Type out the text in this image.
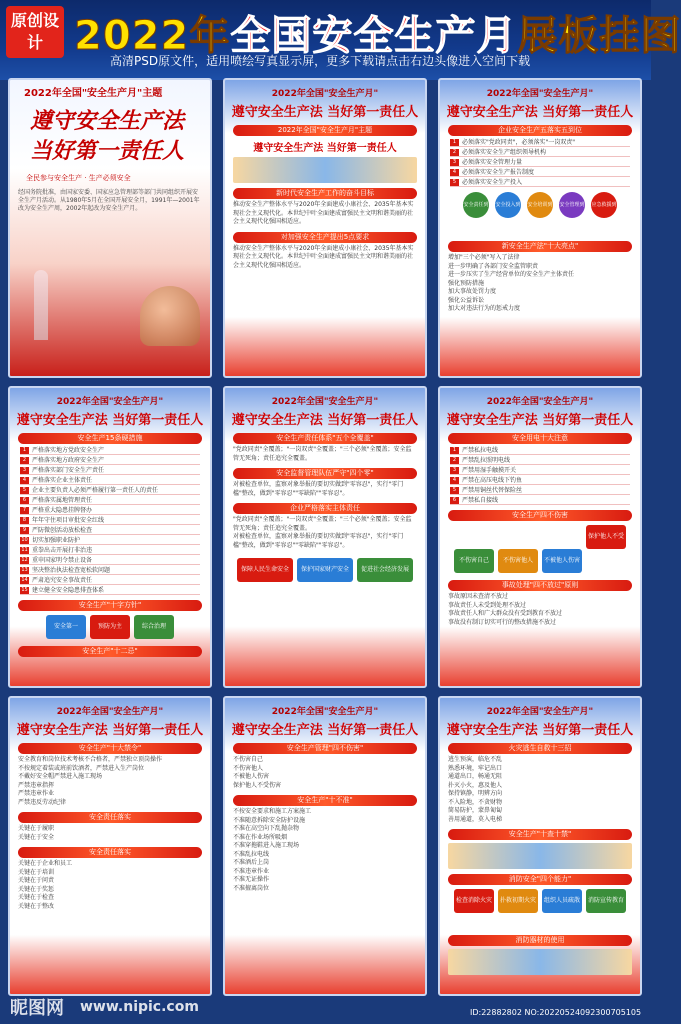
原创设计 2022年全国安全生产月展板挂图
高清PSD原文件，适用喷绘写真显示屏，更多下载请点击右边头像进入空间下载
2022年全国"安全生产月"主题
遵守安全生产法
当好第一责任人
全民参与安全生产 · 生产必须安全
经国务院批准，由国家安委、国家应急管理部等部门共同组织开展安全生产月活动。从1980年5月在全国开展安全月，1991年—2001年改为安全生产周，2002年起改为安全生产月。
2022年全国"安全生产月"
遵守安全生产法 当好第一责任人
2022年全国"安全生产月"主题
遵守安全生产法 当好第一责任人
新时代安全生产工作的奋斗目标
推动安全生产整体水平与2020年全面建成小康社会、2035年基本实现社会主义现代化。本世纪中叶全面建成富强民主文明和谐美丽的社会主义现代化强国相适应。
对加强安全生产提出5点要求
推动安全生产整体水平与2020年全面建成小康社会、2035年基本实现社会主义现代化。本世纪中叶全面建成富强民主文明和谐美丽的社会主义现代化强国相适应。
2022年全国"安全生产月"
遵守安全生产法 当好第一责任人
企业安全生产五落实五到位
1 必须落实"党政同责"，必须落实"一岗双责"
2 必须落实安全生产组织领导机构
3 必须落实安全管理力量
4 必须落实安全生产报告制度
5 必须落实安全生产投入
安全责任到位安全投入到位安全培训到位安全管理到位应急救援到位
新安全生产法"十大亮点"
增加"三个必须"写入了法律
进一步明确了各部门安全监管职责
进一步压实了生产经营单位的安全生产主体责任
强化预防措施
加大事故处罚力度
强化公益诉讼
加大对违法行为的惩戒力度
2022年全国"安全生产月"
遵守安全生产法 当好第一责任人
安全生产15条硬措施
1 严格落实地方党政安全生产
2 严格落实地方政府安全生产
3 严格落实部门安全生产责任
4 严格落实企业主体责任
5 企业主要负责人必须严格履行第一责任人的责任
6 严格落实属地管理责任
7 严格重大隐患挂牌督办
8 年年守住项目审批安全红线
9 严防微创活动放松检查
10 切实加强职业防护
11 重拳出击开展打非治违
12 重申国家明令禁止设备
13 坚决整治执法检查宽松软问题
14 严肃追究安全事故责任
15 建立健全安全隐患排查体系
安全生产"十字方针"
安全第一	预防为主	综合治理
安全生产"十二忌"
2022年全国"安全生产月"
遵守安全生产法 当好第一责任人
安全生产责任体系"五个全覆盖"
"党政同责"全覆盖；"一岗双责"全覆盖；"三个必须"全覆盖；安全监管无死角；责任追究全覆盖。
安全监督管理队伍严守"四个零"
对被检查单位，监察对象举报的要切实做到"零容忍"，实行"零门槛"整改，做到"零容忍""零缺陷""零容忍"。
企业严格落实主体责任
"党政同责"全覆盖；"一岗双责"全覆盖；"三个必须"全覆盖；安全监管无死角；责任追究全覆盖。
对被检查单位，监察对象举报的要切实做到"零容忍"，实行"零门槛"整改，做到"零容忍""零缺陷""零容忍"。
保障人民生命安全 保护国家财产安全 促进社会经济发展
2022年全国"安全生产月"
遵守安全生产法 当好第一责任人
安全用电十大注意
1 严禁私拉电线
2 严禁乱拉照明电线
3 严禁用湿手触摸开关
4 严禁在高压电线下钓鱼
5 严禁用铜丝代替保险丝
6 严禁私自接线
安全生产四不伤害
不伤害自己 不伤害他人 不被他人伤害保护他人不受伤害
事故处理"四不放过"原则
事故原因未查清不放过
事故责任人未受到处理不放过
事故责任人和广大群众没有受到教育不放过
事故没有制订切实可行的整改措施不放过
2022年全国"安全生产月"
遵守安全生产法 当好第一责任人
安全生产"十大禁令"
安全教育和岗位技术考核不合格者，严禁独立顶岗操作
不按规定着装或班前饮酒者，严禁进入生产岗位
不戴好安全帽严禁进入施工现场
严禁违章指挥
严禁违章作业
严禁违反劳动纪律
安全责任落实
关键在于履职
关键在于安全
安全责任落实
关键在于企业和员工
关键在于培训
关键在于问责
关键在于奖惩
关键在于检查
关键在于整改
2022年全国"安全生产月"
遵守安全生产法 当好第一责任人
安全生产管理"四不伤害"
不伤害自己
不伤害他人
不被他人伤害
保护他人不受伤害
安全生产"十不准"
不按安全要求和施工方案施工
不准随意拆除安全防护设施
不准在高空向下乱抛杂物
不准在作业场所吸烟
不准穿拖鞋进入施工现场
不准乱拉电线
不准酒后上岗
不准违章作业
不准无证操作
不准擅离岗位
2022年全国"安全生产月"
遵守安全生产法 当好第一责任人
火灾逃生自救十三招
逃生预演，临危不乱
熟悉环境，牢记出口
通道出口，畅通无阻
扑灭小火，惠及他人
保持镇静，明辨方向
不入险地，不贪财物
简易防护，蒙鼻匍匐
善用通道，莫入电梯
安全生产"十查十禁"
消防安全"四个能力"
检查消除火灾隐患能力扑救初期火灾能力组织人员疏散逃生能力消防宣传教育能力
消防器材的使用
昵图网 www.nipic.com	ID:22882802 NO:20220524092300705105
